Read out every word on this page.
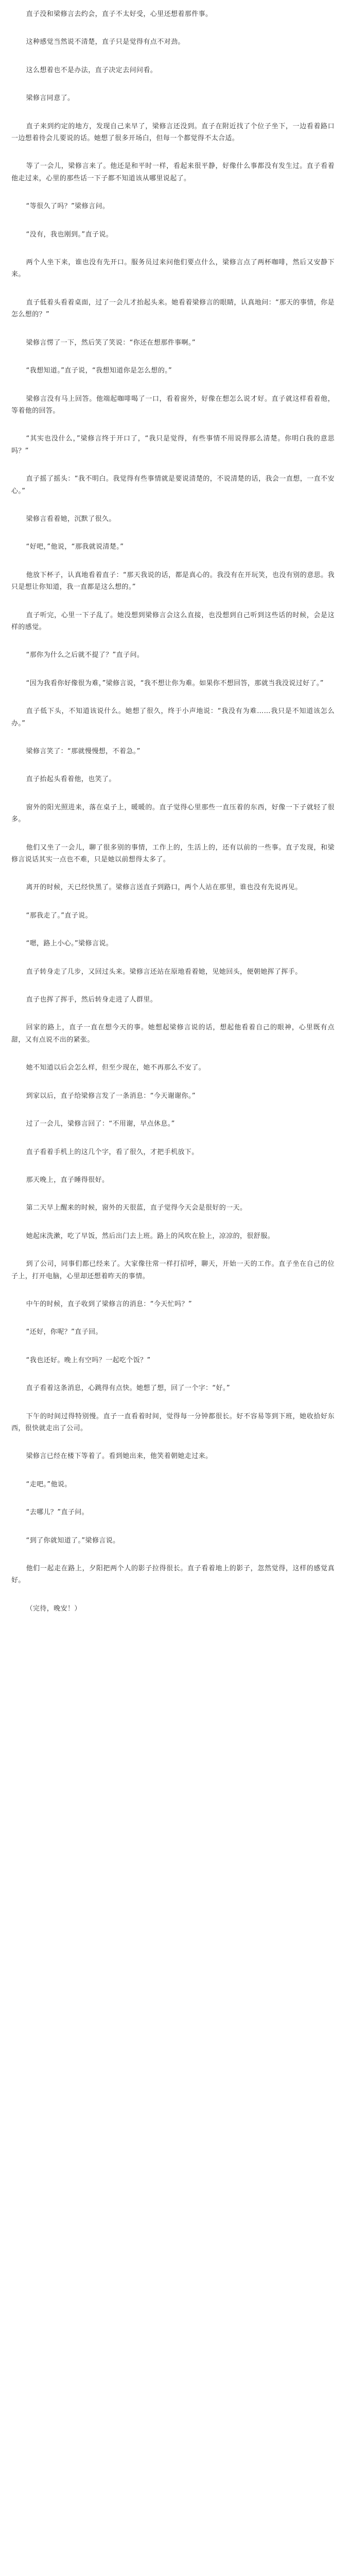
直子没和梁修言去约会，直子不太好受，心里还想着那件事。

这种感觉当然说不清楚，直子只是觉得有点不对劲。

这么想着也不是办法，直子决定去问问看。

梁修言同意了。

直子来到约定的地方，发现自己来早了，梁修言还没到。直子在附近找了个位子坐下，一边看着路口一边想着待会儿要说的话。她想了很多开场白，但每一个都觉得不太合适。

等了一会儿，梁修言来了。他还是和平时一样，看起来很平静，好像什么事都没有发生过。直子看着他走过来，心里的那些话一下子都不知道该从哪里说起了。

“等很久了吗？”梁修言问。

“没有，我也刚到。”直子说。

两个人坐下来，谁也没有先开口。服务员过来问他们要点什么，梁修言点了两杯咖啡，然后又安静下来。

直子低着头看着桌面，过了一会儿才抬起头来。她看着梁修言的眼睛，认真地问：“那天的事情，你是怎么想的？”

梁修言愣了一下，然后笑了笑说：“你还在想那件事啊。”

“我想知道。”直子说，“我想知道你是怎么想的。”

梁修言没有马上回答。他端起咖啡喝了一口，看着窗外，好像在想怎么说才好。直子就这样看着他，等着他的回答。

“其实也没什么，”梁修言终于开口了，“我只是觉得，有些事情不用说得那么清楚。你明白我的意思吗？”

直子摇了摇头：“我不明白。我觉得有些事情就是要说清楚的，不说清楚的话，我会一直想，一直不安心。”

梁修言看着她，沉默了很久。

“好吧，”他说，“那我就说清楚。”

他放下杯子，认真地看着直子：“那天我说的话，都是真心的。我没有在开玩笑，也没有别的意思。我只是想让你知道，我一直都是这么想的。”

直子听完，心里一下子乱了。她没想到梁修言会这么直接，也没想到自己听到这些话的时候，会是这样的感觉。

“那你为什么之后就不提了？”直子问。

“因为我看你好像很为难，”梁修言说，“我不想让你为难。如果你不想回答，那就当我没说过好了。”

直子低下头，不知道该说什么。她想了很久，终于小声地说：“我没有为难……我只是不知道该怎么办。”

梁修言笑了：“那就慢慢想，不着急。”

直子抬起头看着他，也笑了。

窗外的阳光照进来，落在桌子上，暖暖的。直子觉得心里那些一直压着的东西，好像一下子就轻了很多。

他们又坐了一会儿，聊了很多别的事情，工作上的，生活上的，还有以前的一些事。直子发现，和梁修言说话其实一点也不难，只是她以前想得太多了。

离开的时候，天已经快黑了。梁修言送直子到路口，两个人站在那里，谁也没有先说再见。

“那我走了。”直子说。

“嗯，路上小心。”梁修言说。

直子转身走了几步，又回过头来。梁修言还站在原地看着她，见她回头，便朝她挥了挥手。

直子也挥了挥手，然后转身走进了人群里。

回家的路上，直子一直在想今天的事。她想起梁修言说的话，想起他看着自己的眼神，心里既有点甜，又有点说不出的紧张。

她不知道以后会怎么样，但至少现在，她不再那么不安了。

到家以后，直子给梁修言发了一条消息：“今天谢谢你。”

过了一会儿，梁修言回了：“不用谢，早点休息。”

直子看着手机上的这几个字，看了很久，才把手机放下。

那天晚上，直子睡得很好。

第二天早上醒来的时候，窗外的天很蓝，直子觉得今天会是很好的一天。

她起床洗漱，吃了早饭，然后出门去上班。路上的风吹在脸上，凉凉的，很舒服。

到了公司，同事们都已经来了。大家像往常一样打招呼，聊天，开始一天的工作。直子坐在自己的位子上，打开电脑，心里却还想着昨天的事情。

中午的时候，直子收到了梁修言的消息：“今天忙吗？”

“还好，你呢？”直子回。

“我也还好。晚上有空吗？一起吃个饭？”

直子看着这条消息，心跳得有点快。她想了想，回了一个字：“好。”

下午的时间过得特别慢。直子一直看着时间，觉得每一分钟都很长。好不容易等到下班，她收拾好东西，很快就走出了公司。

梁修言已经在楼下等着了。看到她出来，他笑着朝她走过来。

“走吧。”他说。

“去哪儿？”直子问。

“到了你就知道了。”梁修言说。

他们一起走在路上，夕阳把两个人的影子拉得很长。直子看着地上的影子，忽然觉得，这样的感觉真好。

（完待，晚安！）
